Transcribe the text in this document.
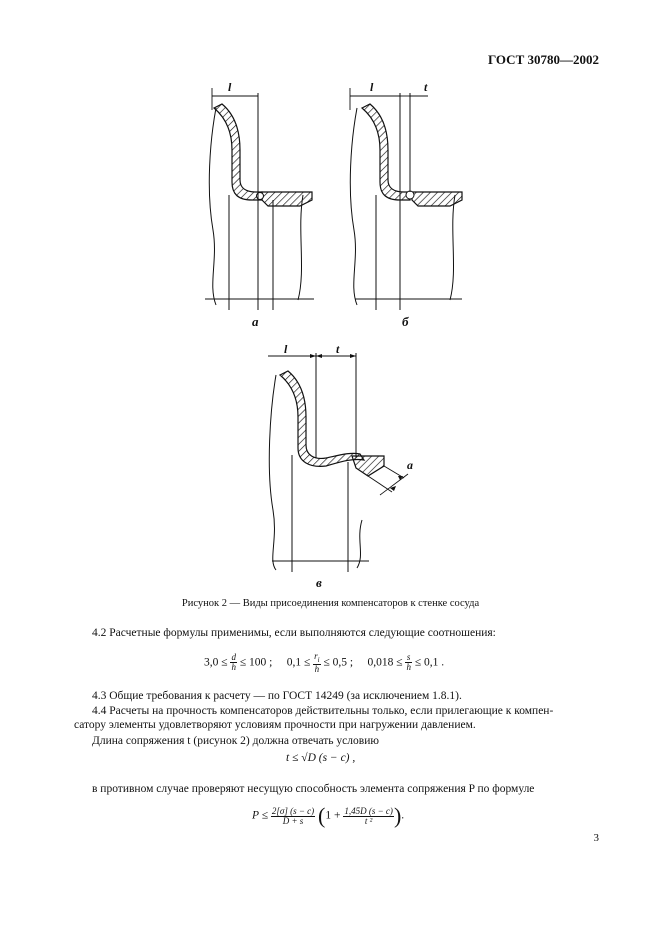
ГОСТ 30780—2002
l	l	t
l	t
a
а	б
в
Рисунок 2 — Виды присоединения компенсаторов к стенке сосуда
4.2 Расчетные формулы применимы, если выполняются следующие соотношения:
$3,0 \le \frac{d}{h} \le 100$ ; $0,1 \le \frac{r_i}{h} \le 0,5$ ; $0,018 \le \frac{s}{h} \le 0,1$ .
4.3 Общие требования к расчету — по ГОСТ 14249 (за исключением 1.8.1).
4.4 Расчеты на прочность компенсаторов действительны только, если прилегающие к компен-
сатору элементы удовлетворяют условиям прочности при нагружении давлением.
Длина сопряжения t (рисунок 2) должна отвечать условию
t ≤ √D (s − c) ,
в противном случае проверяют несущую способность элемента сопряжения P по формуле
$P \le \frac{2[\sigma] (s - c)}{D + s} (1 + \frac{1,45D (s - c)}{\text{t ²}}$ ).
3
